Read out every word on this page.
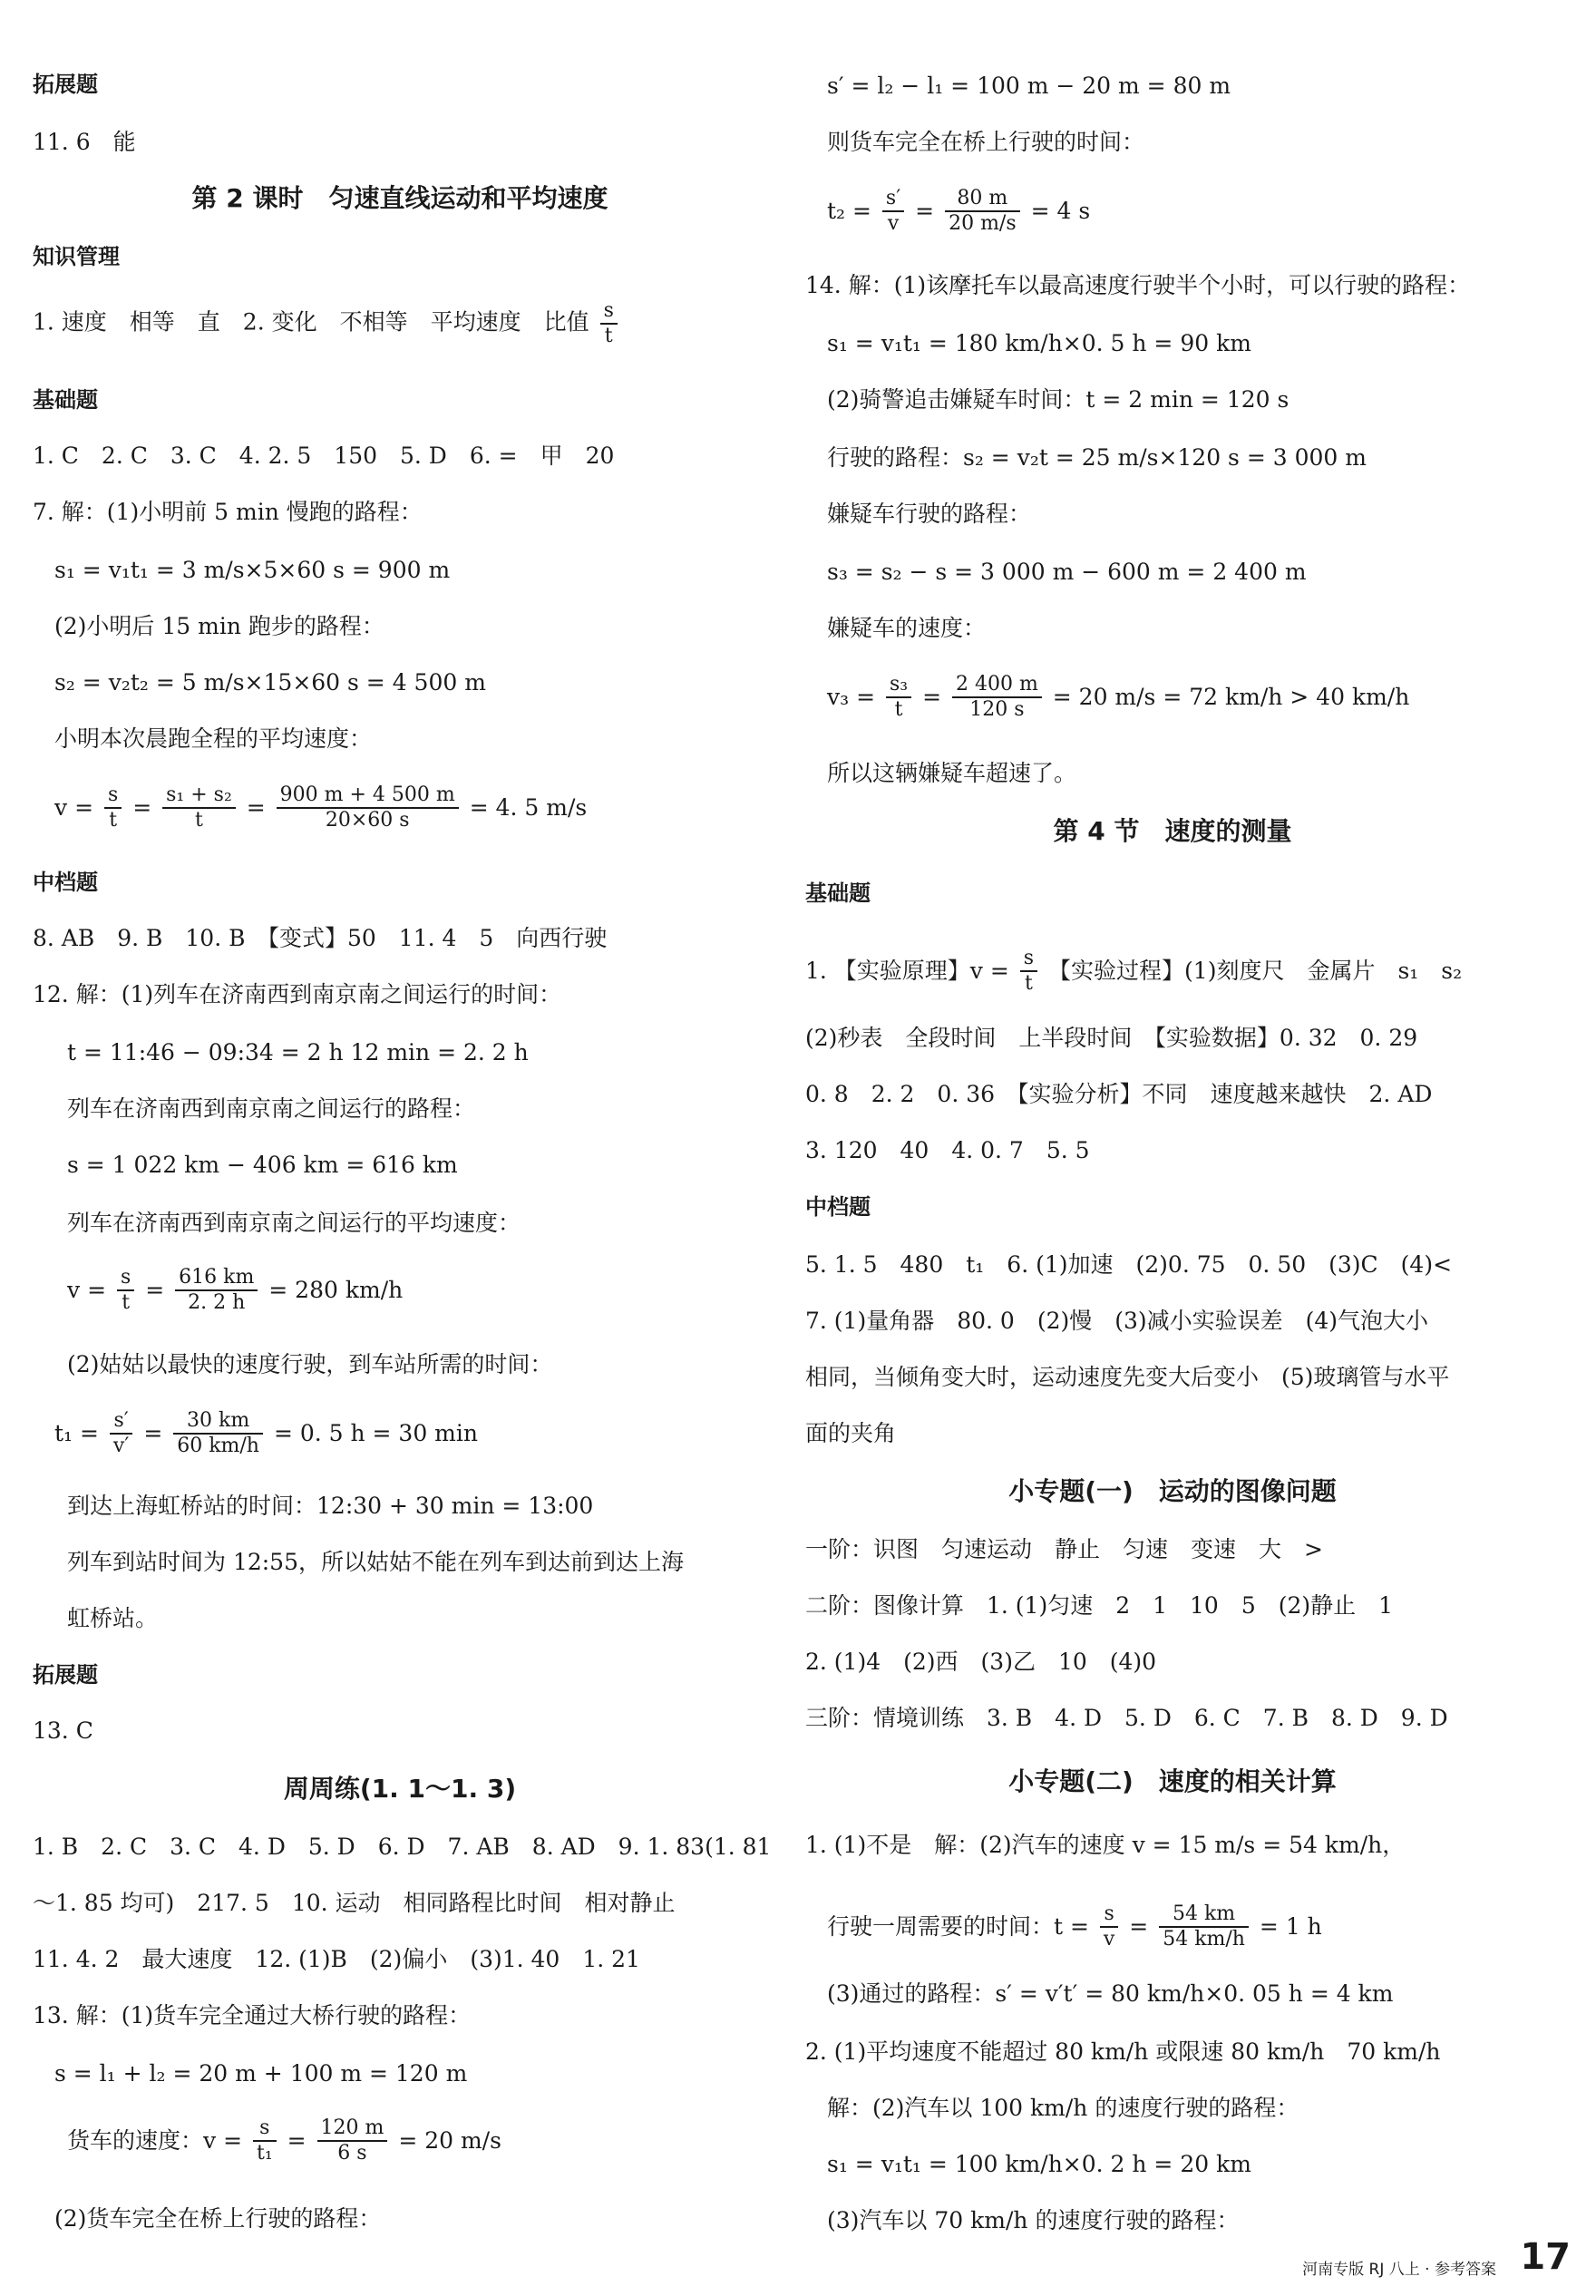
拓展题
11. 6　能
第 2 课时　匀速直线运动和平均速度
知识管理
1. 速度　相等　直　2. 变化　不相等　平均速度　比值 $\frac{s}{t}$
基础题
1. C　2. C　3. C　4. 2. 5　150　5. D　6. =　甲　20
7. 解：(1)小明前 5 min 慢跑的路程：
s₁ = v₁t₁ = 3 m/s×5×60 s = 900 m
(2)小明后 15 min 跑步的路程：
s₂ = v₂t₂ = 5 m/s×15×60 s = 4 500 m
小明本次晨跑全程的平均速度：
$v = \frac{s}{t} = \frac{\text{s₁ + s₂}}{t} = \frac{900 m + 4 500 m}{20\times 60 s} = 4$. 5 m/s
中档题
8. AB　9. B　10. B　【变式】50　11. 4　5　向西行驶
12. 解：(1)列车在济南西到南京南之间运行的时间：
t = 11:46 − 09:34 = 2 h 12 min = 2. 2 h
列车在济南西到南京南之间运行的路程：
s = 1 022 km − 406 km = 616 km
列车在济南西到南京南之间运行的平均速度：
$v = \frac{s}{t} = \frac{616 km}{2. 2 h} = 280$ km/h
(2)姑姑以最快的速度行驶，到车站所需的时间：
$t_1 = \frac{s'}{v'} = \frac{30 km}{60 km/h} = 0$. 5 h = 30 min
到达上海虹桥站的时间：12:30 + 30 min = 13:00
列车到站时间为 12:55，所以姑姑不能在列车到达前到达上海
虹桥站。
拓展题
13. C
周周练(1. 1～1. 3)
1. B　2. C　3. C　4. D　5. D　6. D　7. AB　8. AD　9. 1. 83(1. 81
～1. 85 均可)　217. 5　10. 运动　相同路程比时间　相对静止
11. 4. 2　最大速度　12. (1)B　(2)偏小　(3)1. 40　1. 21
13. 解：(1)货车完全通过大桥行驶的路程：
s = l₁ + l₂ = 20 m + 100 m = 120 m
货车的速度：$v = \frac{s}{\text{t₁}} = \frac{120 m}{6 s} = 20$ m/s
(2)货车完全在桥上行驶的路程：
s′ = l₂ − l₁ = 100 m − 20 m = 80 m
则货车完全在桥上行驶的时间：
$t_2 = \frac{s'}{v} = \frac{80 m}{20 m/s} = 4$ s
14. 解：(1)该摩托车以最高速度行驶半个小时，可以行驶的路程：
s₁ = v₁t₁ = 180 km/h×0. 5 h = 90 km
(2)骑警追击嫌疑车时间：t = 2 min = 120 s
行驶的路程：s₂ = v₂t = 25 m/s×120 s = 3 000 m
嫌疑车行驶的路程：
s₃ = s₂ − s = 3 000 m − 600 m = 2 400 m
嫌疑车的速度：
$v_3 = \frac{\text{s₃}}{t} = \frac{2 400 m}{120 s} = 20$ m/s = 72 km/h > 40 km/h
所以这辆嫌疑车超速了。
第 4 节　速度的测量
基础题
1. 【实验原理】$v = \frac{s}{t}$ 【实验过程】(1)刻度尺　金属片　s₁　s₂
(2)秒表　全段时间　上半段时间　【实验数据】0. 32　0. 29
0. 8　2. 2　0. 36　【实验分析】不同　速度越来越快　2. AD
3. 120　40　4. 0. 7　5. 5
中档题
5. 1. 5　480　t₁　6. (1)加速　(2)0. 75　0. 50　(3)C　(4)<
7. (1)量角器　80. 0　(2)慢　(3)减小实验误差　(4)气泡大小
相同，当倾角变大时，运动速度先变大后变小　(5)玻璃管与水平
面的夹角
小专题(一)　运动的图像问题
一阶：识图　匀速运动　静止　匀速　变速　大　>
二阶：图像计算　1. (1)匀速　2　1　10　5　(2)静止　1
2. (1)4　(2)西　(3)乙　10　(4)0
三阶：情境训练　3. B　4. D　5. D　6. C　7. B　8. D　9. D
小专题(二)　速度的相关计算
1. (1)不是　解：(2)汽车的速度 v = 15 m/s = 54 km/h，
行驶一周需要的时间：$t = \frac{s}{v} = \frac{54 km}{54 km/h} = 1$ h
(3)通过的路程：s′ = v′t′ = 80 km/h×0. 05 h = 4 km
2. (1)平均速度不能超过 80 km/h 或限速 80 km/h　70 km/h
解：(2)汽车以 100 km/h 的速度行驶的路程：
s₁ = v₁t₁ = 100 km/h×0. 2 h = 20 km
(3)汽车以 70 km/h 的速度行驶的路程：
河南专版 RJ 八上 · 参考答案 17
